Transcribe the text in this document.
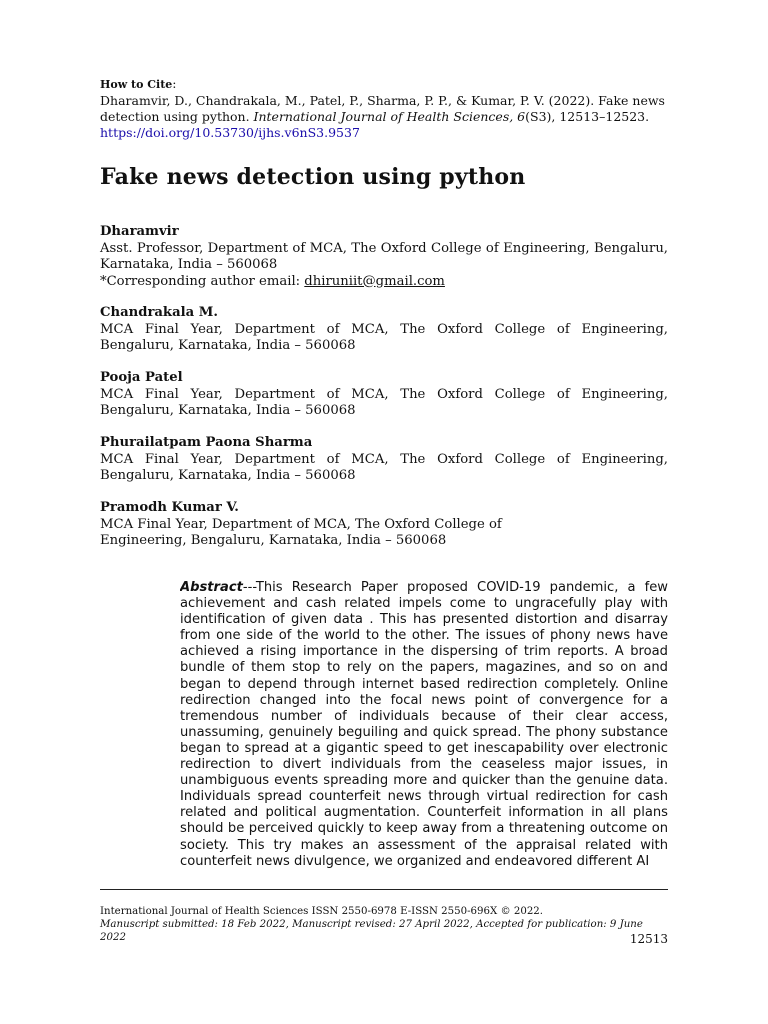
How to Cite:
Dharamvir, D., Chandrakala, M., Patel, P., Sharma, P. P., & Kumar, P. V. (2022). Fake news detection using python. International Journal of Health Sciences, 6(S3), 12513–12523. https://doi.org/10.53730/ijhs.v6nS3.9537
Fake news detection using python
Dharamvir
Asst. Professor, Department of MCA, The Oxford College of Engineering, Bengaluru, Karnataka, India – 560068
*Corresponding author email: dhiruniit@gmail.com
Chandrakala M.
MCA Final Year, Department of MCA, The Oxford College of Engineering, Bengaluru, Karnataka, India – 560068
Pooja Patel
MCA Final Year, Department of MCA, The Oxford College of Engineering, Bengaluru, Karnataka, India – 560068
Phurailatpam Paona Sharma
MCA Final Year, Department of MCA, The Oxford College of Engineering, Bengaluru, Karnataka, India – 560068
Pramodh Kumar V.
MCA Final Year, Department of MCA, The Oxford College of Engineering, Bengaluru, Karnataka, India – 560068
Abstract---This Research Paper proposed COVID-19 pandemic, a few achievement and cash related impels come to ungracefully play with identification of given data . This has presented distortion and disarray from one side of the world to the other. The issues of phony news have achieved a rising importance in the dispersing of trim reports. A broad bundle of them stop to rely on the papers, magazines, and so on and began to depend through internet based redirection completely. Online redirection changed into the focal news point of convergence for a tremendous number of individuals because of their clear access, unassuming, genuinely beguiling and quick spread. The phony substance began to spread at a gigantic speed to get inescapability over electronic redirection to divert individuals from the ceaseless major issues, in unambiguous events spreading more and quicker than the genuine data. Individuals spread counterfeit news through virtual redirection for cash related and political augmentation. Counterfeit information in all plans should be perceived quickly to keep away from a threatening outcome on society. This try makes an assessment of the appraisal related with counterfeit news divulgence, we organized and endeavored different AI
International Journal of Health Sciences ISSN 2550-6978 E-ISSN 2550-696X © 2022.
Manuscript submitted: 18 Feb 2022, Manuscript revised: 27 April 2022, Accepted for publication: 9 June 2022	12513
